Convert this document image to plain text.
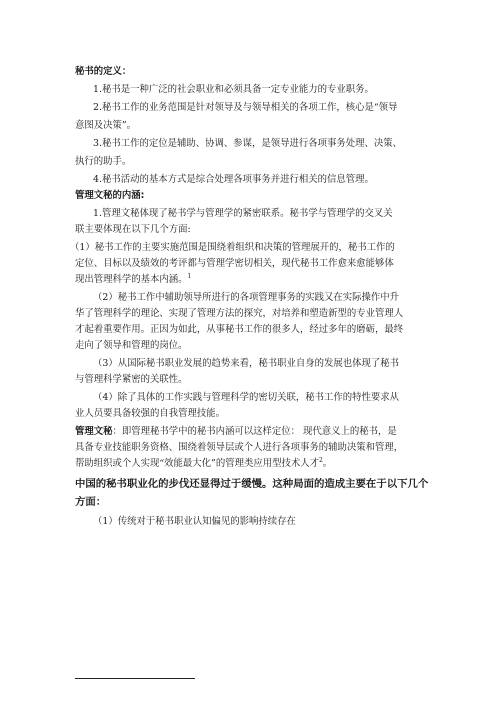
秘书的定义：
1.秘书是一种广泛的社会职业和必须具备一定专业能力的专业职务。
2.秘书工作的业务范围是针对领导及与领导相关的各项工作，核心是“领导
意图及决策”。
3.秘书工作的定位是辅助、协调、参谋，是领导进行各项事务处理、决策、
执行的助手。
4.秘书活动的基本方式是综合处理各项事务并进行相关的信息管理。
管理文秘的内涵:
1.管理文秘体现了秘书学与管理学的紧密联系。秘书学与管理学的交叉关
联主要体现在以下几个方面:
（1）秘书工作的主要实施范围是围绕着组织和决策的管理展开的，秘书工作的
定位、目标以及绩效的考评都与管理学密切相关，现代秘书工作愈来愈能够体
现出管理科学的基本内涵。$^1$
（2）秘书工作中辅助领导所进行的各项管理事务的实践又在实际操作中升
华了管理科学的理论、实现了管理方法的探究，对培养和塑造新型的专业管理人
才起着重要作用。正因为如此，从事秘书工作的很多人，经过多年的磨砺，最终
走向了领导和管理的岗位。
（3）从国际秘书职业发展的趋势来看，秘书职业自身的发展也体现了秘书
与管理科学紧密的关联性。
（4）除了具体的工作实践与管理科学的密切关联，秘书工作的特性要求从
业人员要具备较强的自我管理技能。
管理文秘：即管理秘书学中的秘书内涵可以这样定位： 现代意义上的秘书，是
具备专业技能职务资格、围绕着领导层或个人进行各项事务的辅助决策和管理，
帮助组织或个人实现“效能最大化”的管理类应用型技术人才$^2$。
中国的秘书职业化的步伐还显得过于缓慢。这种局面的造成主要在于以下几个
方面：
（1）传统对于秘书职业认知偏见的影响持续存在
